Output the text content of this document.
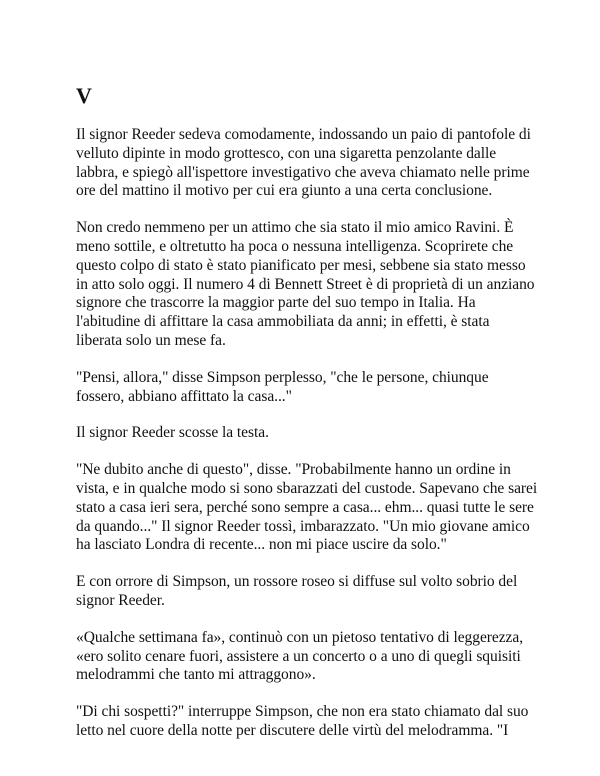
V

Il signor Reeder sedeva comodamente, indossando un paio di pantofole di velluto dipinte in modo grottesco, con una sigaretta penzolante dalle labbra, e spiegò all'ispettore investigativo che aveva chiamato nelle prime ore del mattino il motivo per cui era giunto a una certa conclusione.

Non credo nemmeno per un attimo che sia stato il mio amico Ravini. È meno sottile, e oltretutto ha poca o nessuna intelligenza. Scoprirete che questo colpo di stato è stato pianificato per mesi, sebbene sia stato messo in atto solo oggi. Il numero 4 di Bennett Street è di proprietà di un anziano signore che trascorre la maggior parte del suo tempo in Italia. Ha l'abitudine di affittare la casa ammobiliata da anni; in effetti, è stata liberata solo un mese fa.

"Pensi, allora," disse Simpson perplesso, "che le persone, chiunque fossero, abbiano affittato la casa..."

Il signor Reeder scosse la testa.

"Ne dubito anche di questo", disse. "Probabilmente hanno un ordine in vista, e in qualche modo si sono sbarazzati del custode. Sapevano che sarei stato a casa ieri sera, perché sono sempre a casa... ehm... quasi tutte le sere da quando..." Il signor Reeder tossì, imbarazzato. "Un mio giovane amico ha lasciato Londra di recente... non mi piace uscire da solo."

E con orrore di Simpson, un rossore roseo si diffuse sul volto sobrio del signor Reeder.

«Qualche settimana fa», continuò con un pietoso tentativo di leggerezza, «ero solito cenare fuori, assistere a un concerto o a uno di quegli squisiti melodrammi che tanto mi attraggono».

"Di chi sospetti?" interruppe Simpson, che non era stato chiamato dal suo letto nel cuore della notte per discutere delle virtù del melodramma. "I
